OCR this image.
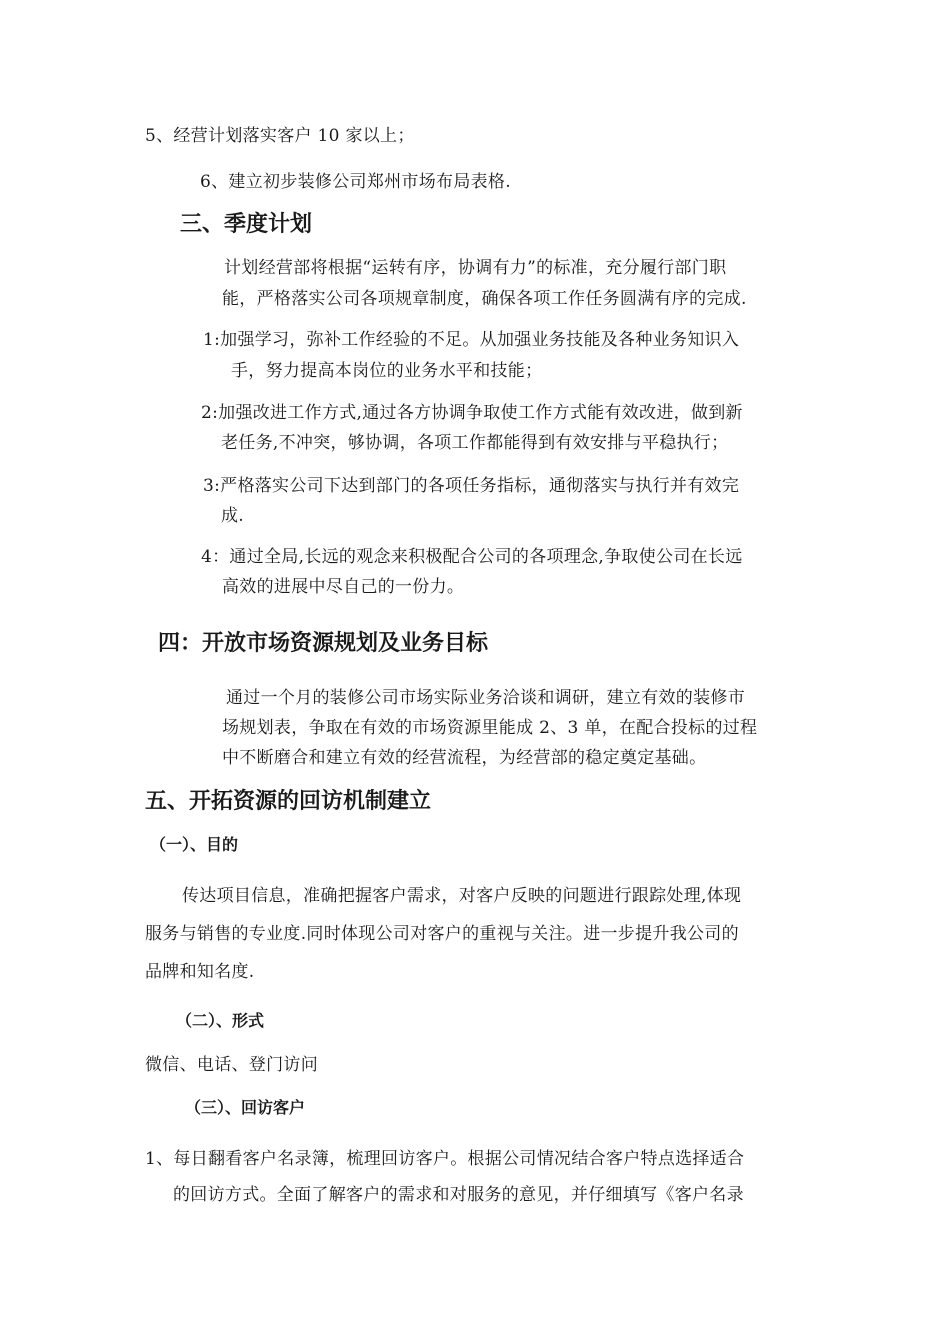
5、经营计划落实客户 10 家以上；
6、建立初步装修公司郑州市场布局表格.
三、季度计划
计划经营部将根据“运转有序，协调有力”的标准，充分履行部门职
能，严格落实公司各项规章制度，确保各项工作任务圆满有序的完成.
1:加强学习，弥补工作经验的不足。从加强业务技能及各种业务知识入
手，努力提高本岗位的业务水平和技能；
2:加强改进工作方式,通过各方协调争取使工作方式能有效改进，做到新
老任务,不冲突，够协调，各项工作都能得到有效安排与平稳执行；
3:严格落实公司下达到部门的各项任务指标，通彻落实与执行并有效完
成.
4：通过全局,长远的观念来积极配合公司的各项理念,争取使公司在长远
高效的进展中尽自己的一份力。
四：开放市场资源规划及业务目标
通过一个月的装修公司市场实际业务洽谈和调研，建立有效的装修市
场规划表，争取在有效的市场资源里能成 2、3 单，在配合投标的过程
中不断磨合和建立有效的经营流程，为经营部的稳定奠定基础。
五、开拓资源的回访机制建立
（一）、目的
传达项目信息，准确把握客户需求，对客户反映的问题进行跟踪处理,体现
服务与销售的专业度.同时体现公司对客户的重视与关注。进一步提升我公司的
品牌和知名度.
（二）、形式
微信、电话、登门访问
（三）、回访客户
1、每日翻看客户名录簿，梳理回访客户。根据公司情况结合客户特点选择适合
的回访方式。全面了解客户的需求和对服务的意见，并仔细填写《客户名录
